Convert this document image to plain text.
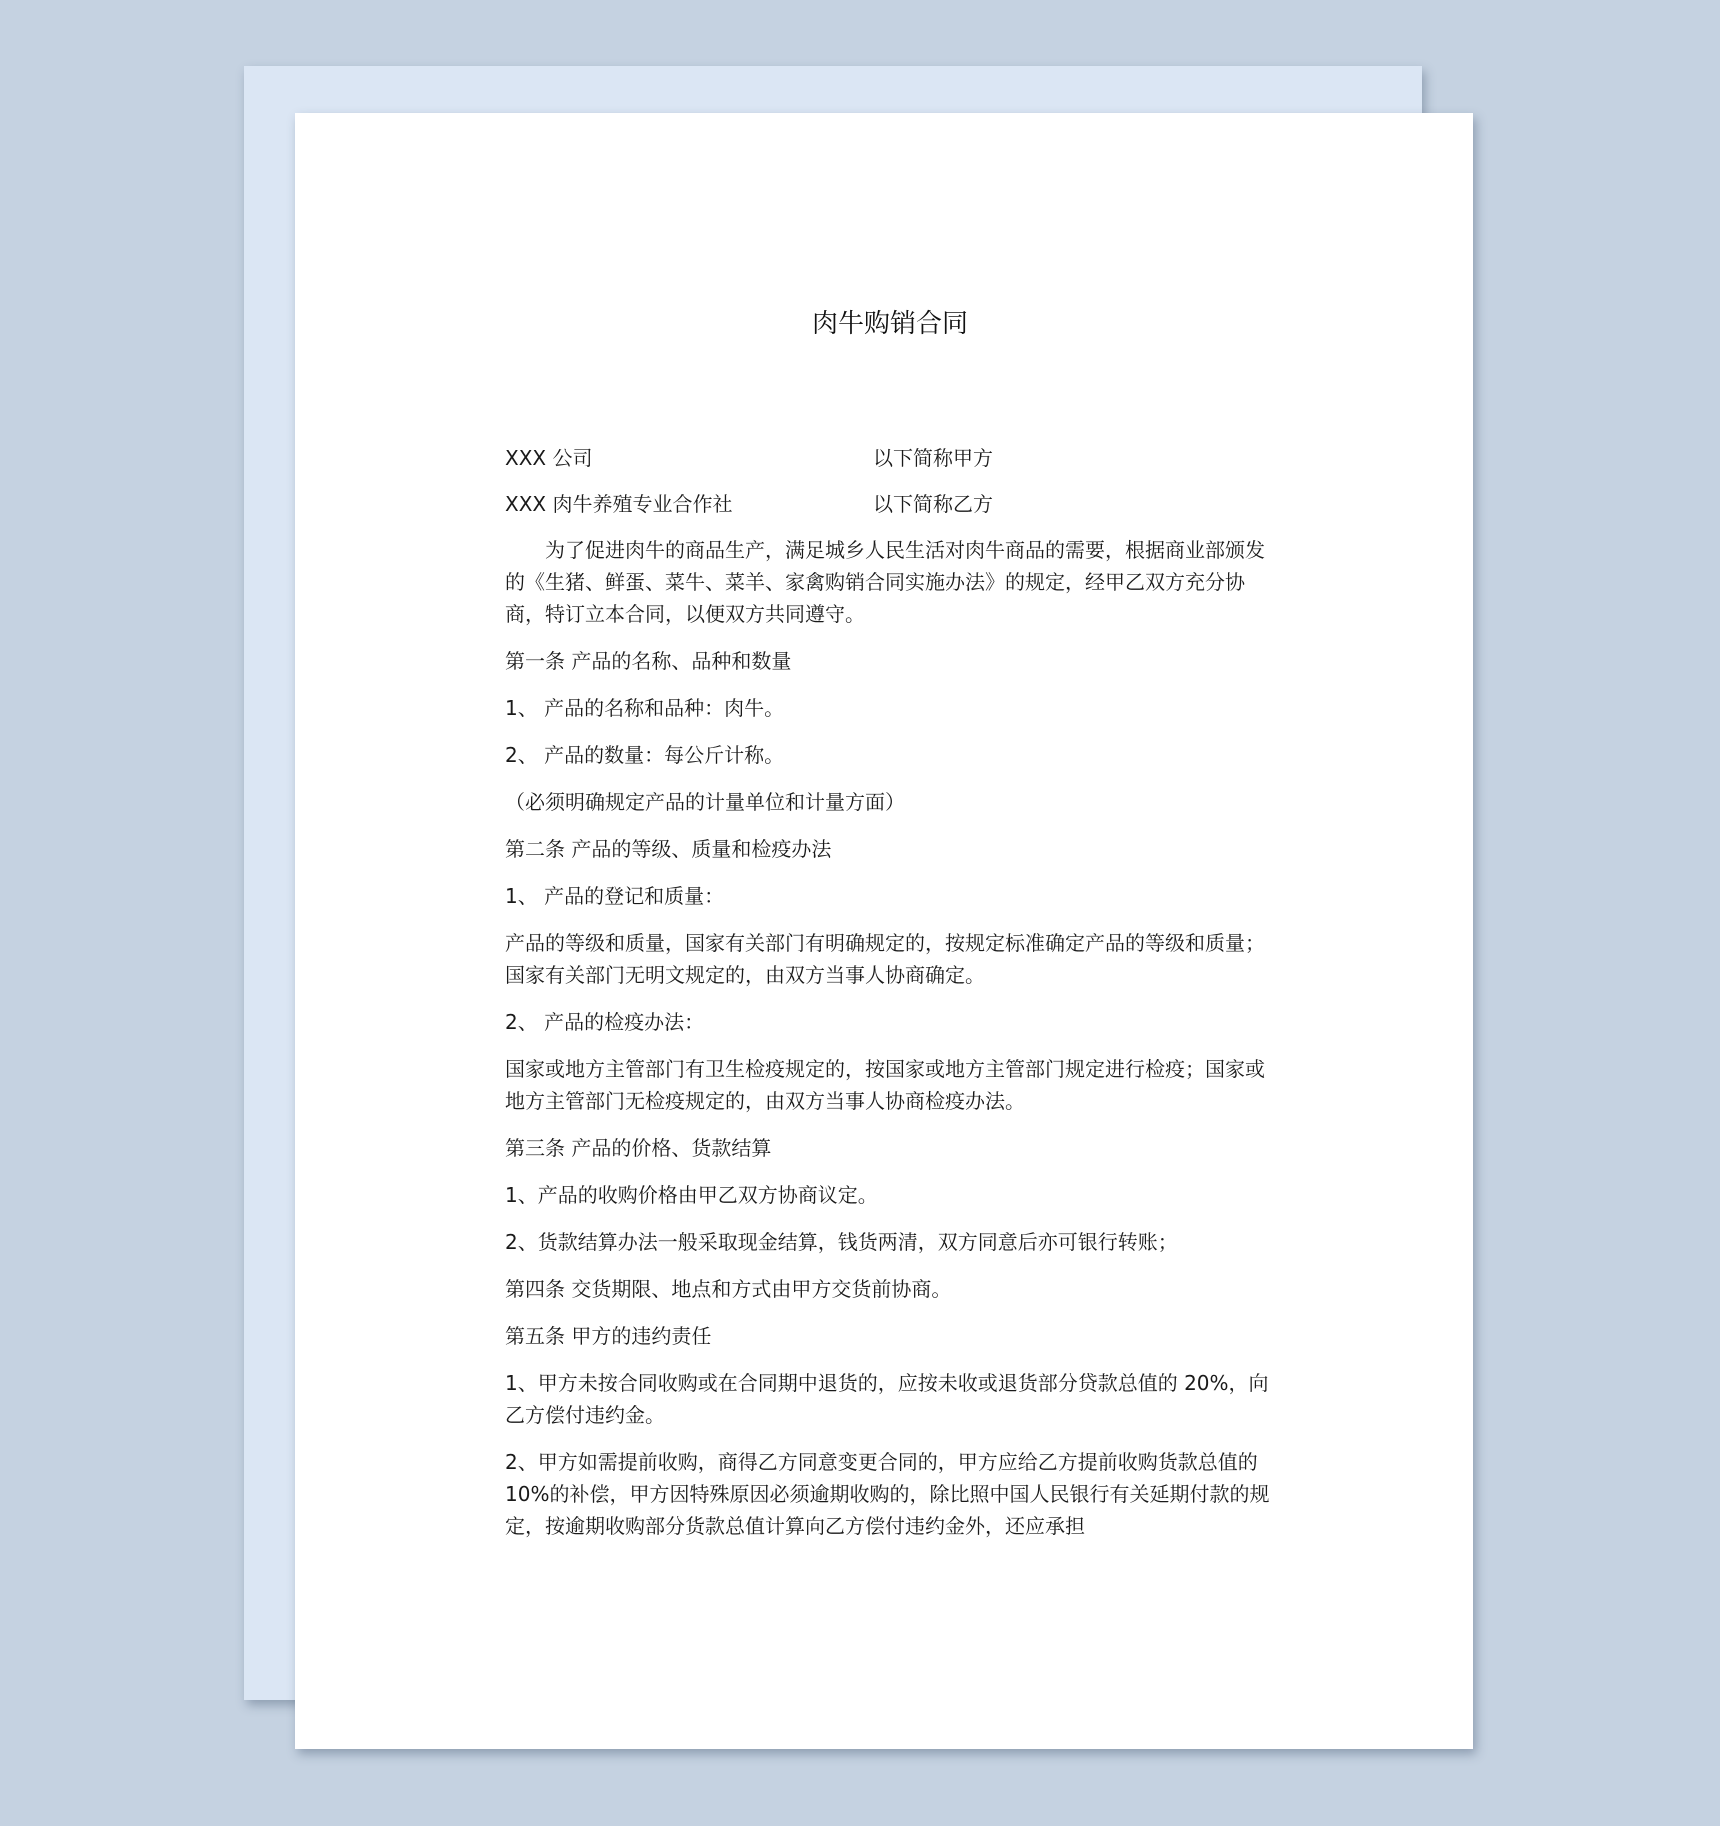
肉牛购销合同
XXX 公司	以下简称甲方
XXX 肉牛养殖专业合作社	以下简称乙方

为了促进肉牛的商品生产，满足城乡人民生活对肉牛商品的需要，根据商业部颁发的《生猪、鲜蛋、菜牛、菜羊、家禽购销合同实施办法》的规定，经甲乙双方充分协商，特订立本合同，以便双方共同遵守。

第一条 产品的名称、品种和数量

1、 产品的名称和品种：肉牛。

2、 产品的数量：每公斤计称。

（必须明确规定产品的计量单位和计量方面）

第二条 产品的等级、质量和检疫办法

1、 产品的登记和质量：

产品的等级和质量，国家有关部门有明确规定的，按规定标准确定产品的等级和质量；国家有关部门无明文规定的，由双方当事人协商确定。

2、 产品的检疫办法：

国家或地方主管部门有卫生检疫规定的，按国家或地方主管部门规定进行检疫；国家或地方主管部门无检疫规定的，由双方当事人协商检疫办法。

第三条 产品的价格、货款结算

1、产品的收购价格由甲乙双方协商议定。

2、货款结算办法一般采取现金结算，钱货两清，双方同意后亦可银行转账；

第四条 交货期限、地点和方式由甲方交货前协商。

第五条 甲方的违约责任

1、甲方未按合同收购或在合同期中退货的，应按未收或退货部分贷款总值的 20%，向乙方偿付违约金。

2、甲方如需提前收购，商得乙方同意变更合同的，甲方应给乙方提前收购货款总值的 10%的补偿，甲方因特殊原因必须逾期收购的，除比照中国人民银行有关延期付款的规定，按逾期收购部分货款总值计算向乙方偿付违约金外，还应承担
